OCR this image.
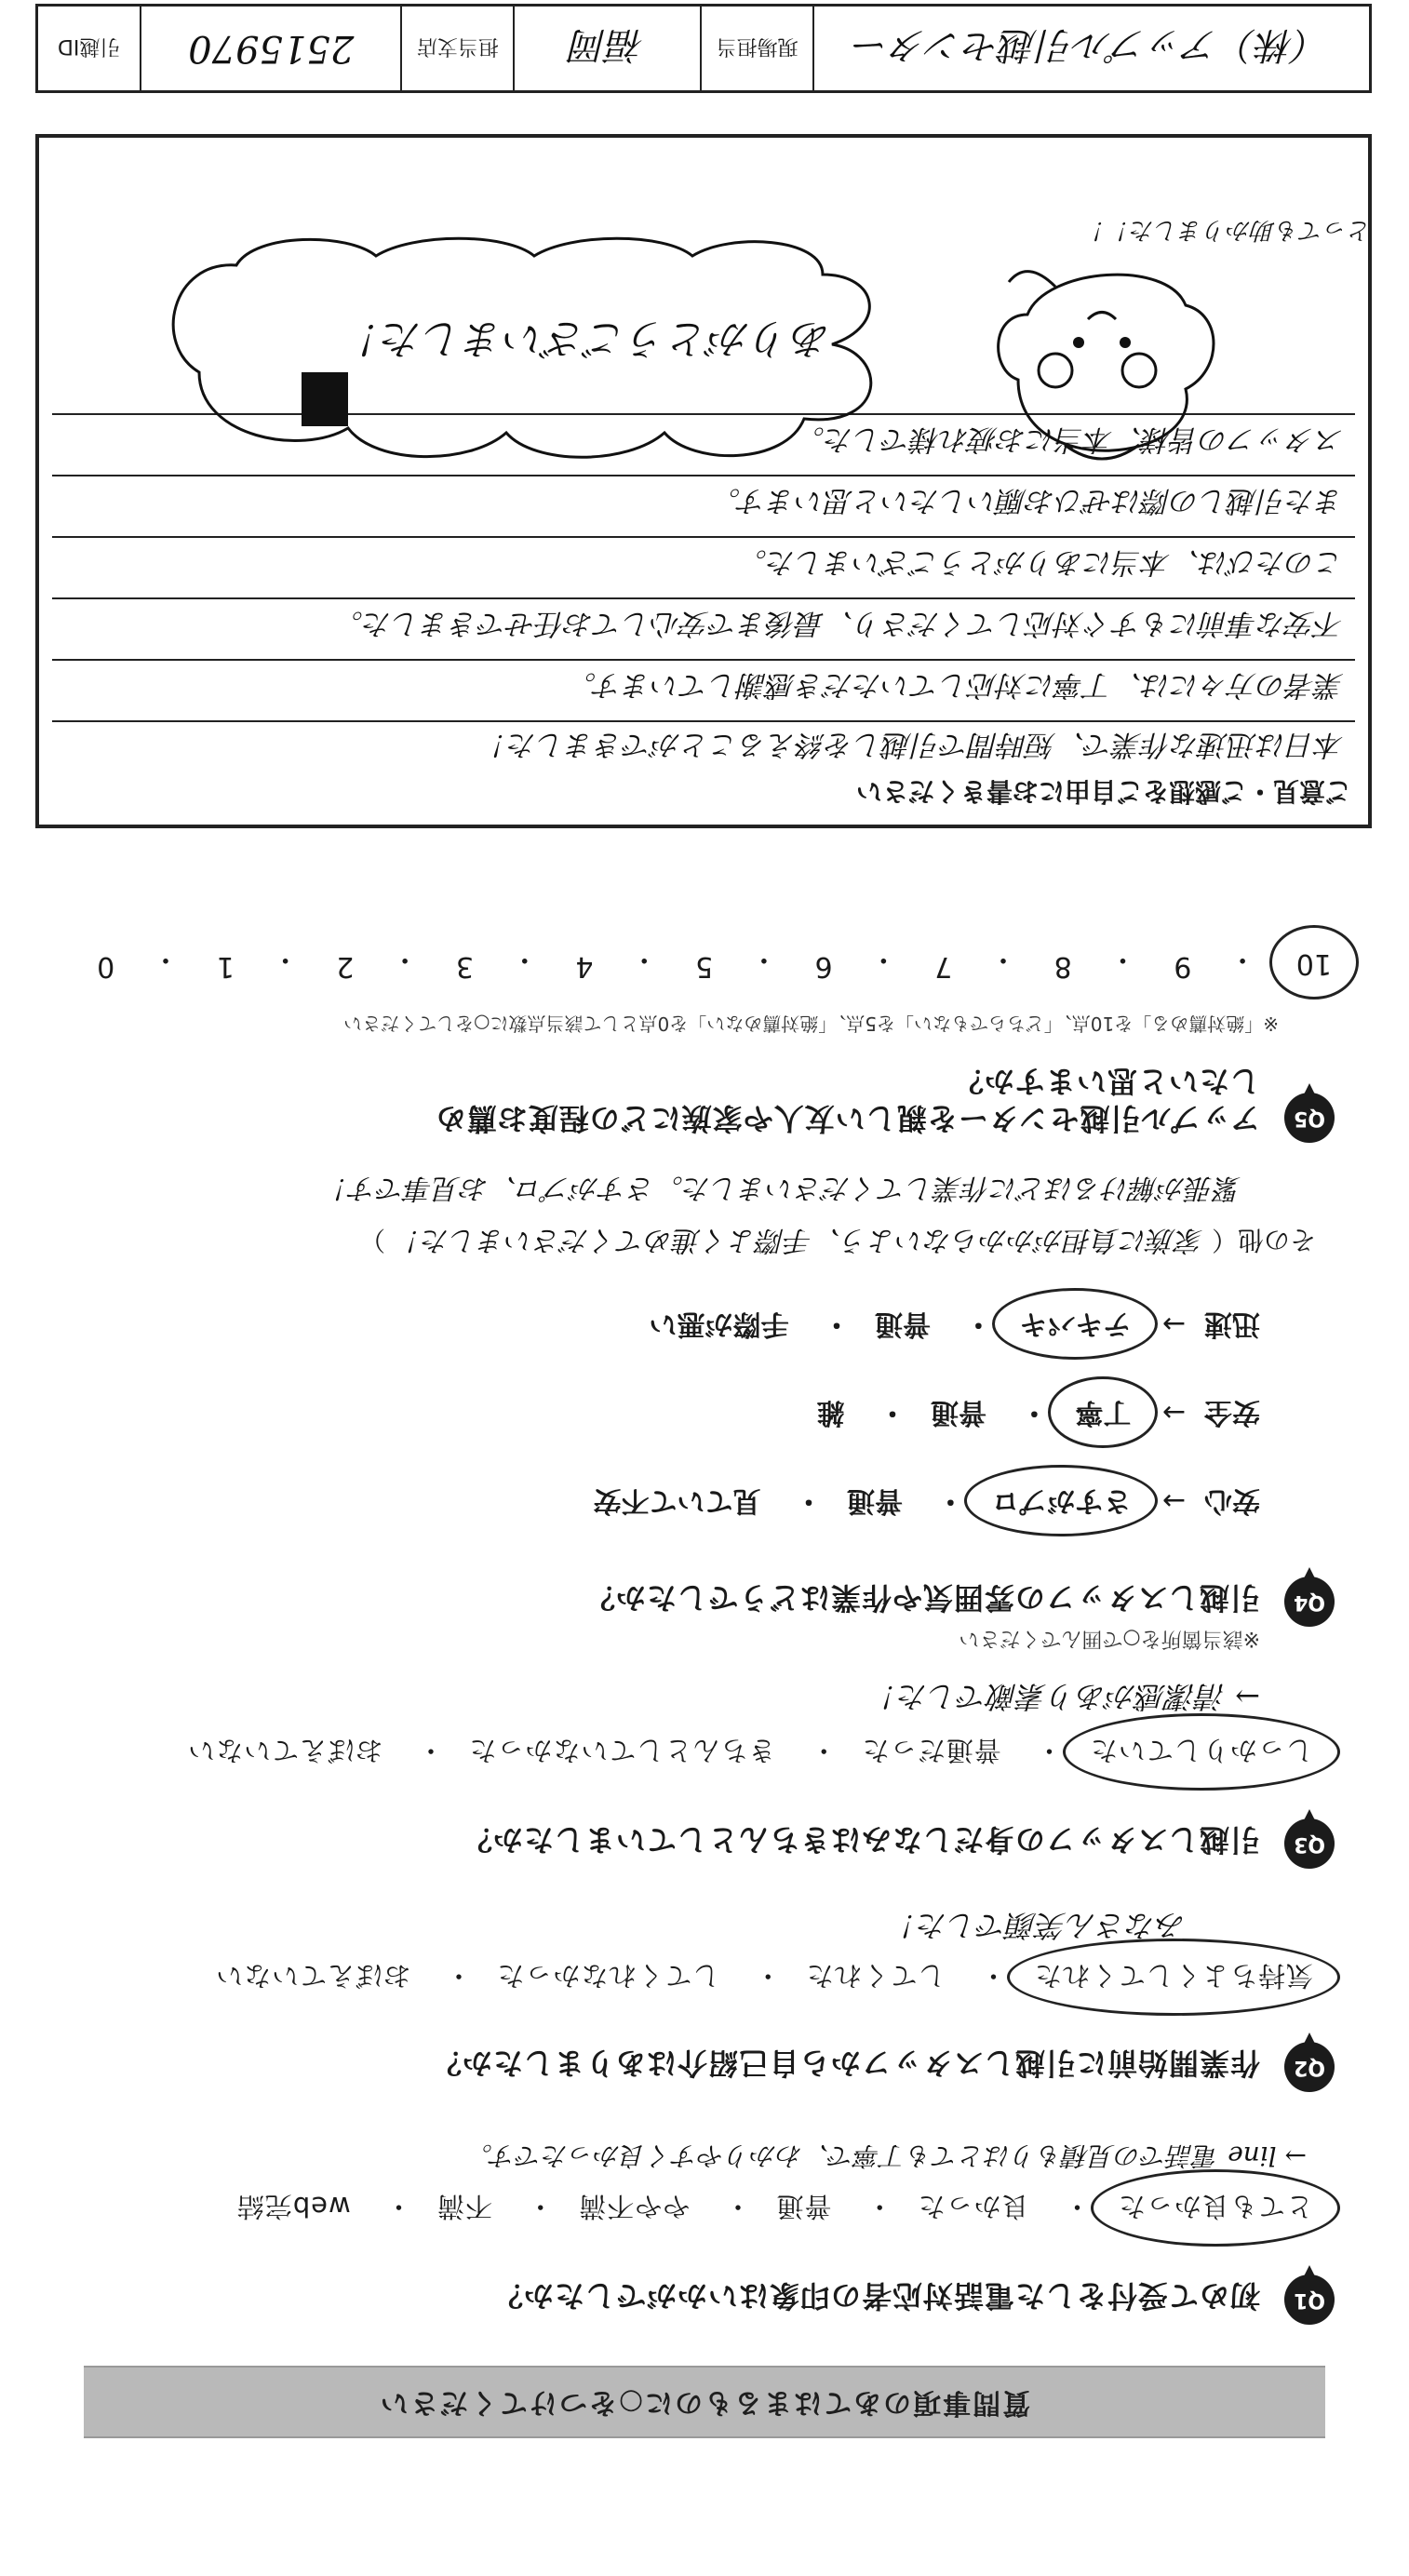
質問事項のあてはまるものに○をつけてください
Q1
初めて受付をした電話対応者の印象はいかがでしたか？
とても良かった・ 良かった・ 普通・ やや不満・ 不満・ web完結
→ line 電話での見積もりはとても丁寧で、わかりやすく良かったです。
Q2
作業開始前に引越しスタッフから自己紹介はありましたか？
気持ちよくしてくれた・ してくれた・ してくれなかった・ おぼえていない
みなさん笑顔でした！
Q3
引越しスタッフの身だしなみはきちんとしていましたか？
しっかりしていた・ 普通だった・ きちんとしていなかった・ おぼえていない
→ 清潔感があり素敵でした！
Q4
引越しスタッフの雰囲気や作業はどうでしたか？
※該当箇所を○で囲んでください
安心→ さすがプロ・ 普通・ 見ていて不安
安全→ 丁寧・ 普通・ 雑
迅速→ テキパキ・ 普通・ 手際が悪い
その他（ 家族に負担がかからないよう、手際よく進めてくださいました！ ）
緊張が解けるほどに作業してくださいました。さすがプロ、お見事です！
Q5
アップル引越センターを親しい友人や家族にどの程度お薦めしたいと思いますか？
※「絶対薦める」を10点、「どちらでもない」を5点、「絶対薦めない」を0点として該当点数に○をしてください
10
・
9
・
8
・
7
・
6
・
5
・
4
・
3
・
2
・
1
・
0
ご意見・ご感想をご自由にお書きください
本日は迅速な作業で、短時間で引越しを終えることができました！
業者の方々には、丁寧に対応していただき感謝しています。
不安な事前にもすぐ対応してくださり、最後まで安心してお任せできました。
このたびは、本当にありがとうございました。
また引越しの際はぜひお願いしたいと思います。
スタッフの皆様、本当にお疲れ様でした。
ありがとうございました！
とっても助かりました！！
（株）アップル引越センター
現場担当
福岡
担当支店
2515970
引越ID
